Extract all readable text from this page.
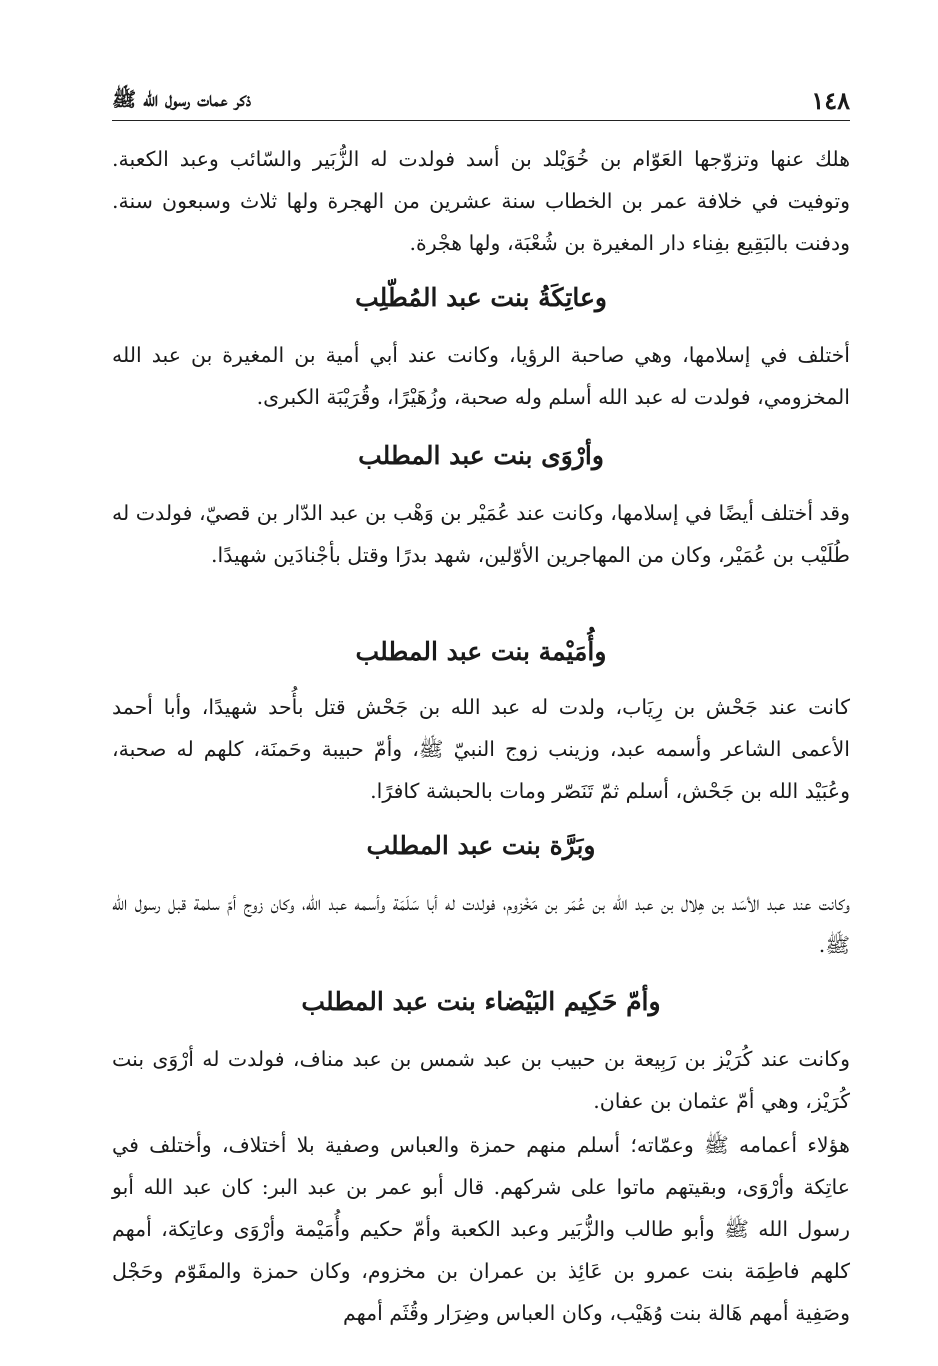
١٤٨
ذكر عمات رسول الله ﷺ

هلك عنها وتزوّجها العَوّام بن خُوَيْلد بن أسد فولدت له الزُّبَير والسّائب وعبد الكعبة. وتوفيت في خلافة عمر بن الخطاب سنة عشرين من الهجرة ولها ثلاث وسبعون سنة. ودفنت بالبَقِيع بفِناء دار المغيرة بن شُعْبَة، ولها هجْرة.

وعاتِكَةُ بنت عبد المُطّلِب

أختلف في إسلامها، وهي صاحبة الرؤيا، وكانت عند أبي أمية بن المغيرة بن عبد الله المخزومي، فولدت له عبد الله أسلم وله صحبة، وزُهَيْرًا، وقُرَيْبَة الكبرى.

وأرْوَى بنت عبد المطلب

وقد أختلف أيضًا في إسلامها، وكانت عند عُمَيْر بن وَهْب بن عبد الدّار بن قصيّ، فولدت له طُلَيْب بن عُمَيْر، وكان من المهاجرين الأوّلين، شهد بدرًا وقتل بأجْنادَين شهيدًا.

وأُمَيْمة بنت عبد المطلب

كانت عند جَحْش بن رِيَاب، ولدت له عبد الله بن جَحْش قتل بأُحد شهيدًا، وأبا أحمد الأعمى الشاعر وأسمه عبد، وزينب زوج النبيّ ﷺ، وأمّ حبيبة وحَمنَة، كلهم له صحبة، وعُبَيْد الله بن جَحْش، أسلم ثمّ تَنَصّر ومات بالحبشة كافرًا.

وبَرَّة بنت عبد المطلب

وكانت عند عبد الأسَد بن هِلال بن عبد الله بن عُمَر بن مَخْزوم، فولدت له أبا سَلَمَة وأسمه عبد الله، وكان زوج أمّ سلمة قبل رسول الله ﷺ.

وأمّ حَكِيم البَيْضاء بنت عبد المطلب

وكانت عند كُرَيْز بن رَبِيعة بن حبيب بن عبد شمس بن عبد مناف، فولدت له أرْوَى بنت كُرَيْز، وهي أمّ عثمان بن عفان.

هؤلاء أعمامه ﷺ وعمّاته؛ أسلم منهم حمزة والعباس وصفية بلا أختلاف، وأختلف في عاتِكة وأرْوَى، وبقيتهم ماتوا على شركهم. قال أبو عمر بن عبد البر: كان عبد الله أبو رسول الله ﷺ وأبو طالب والزُّبَير وعبد الكعبة وأمّ حكيم وأُمَيْمة وأرْوَى وعاتِكة، أمهم كلهم فاطِمَة بنت عمرو بن عَائِذ بن عمران بن مخزوم، وكان حمزة والمقَوّم وحَجْل وصَفِية أمهم هَالة بنت وُهَيْب، وكان العباس وضِرَار وقُثَم أمهم
